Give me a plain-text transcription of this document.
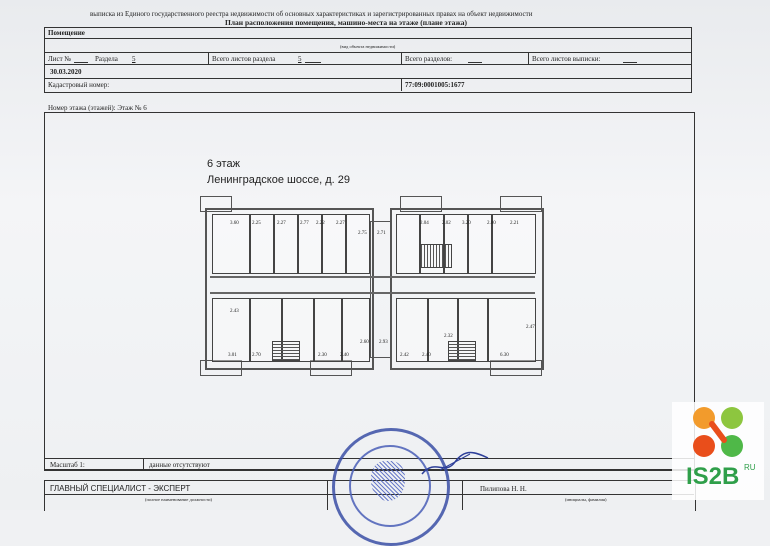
выписка из Единого государственного реестра недвижимости об основных характеристиках и зарегистрированных правах на объект недвижимости
План расположения помещения, машино-места на этаже (плане этажа)
Помещение
(вид объекта недвижимости)
Лист №	Раздела 5	Всего листов раздела	5	Всего разделов:	Всего листов выписки:
30.03.2020
Кадастровый номер:	77:09:0001005:1677
Номер этажа (этажей): Этаж № 6
6 этаж
Ленинградское шоссе, д. 29
3.60	2.25	2.27	2.77 2.22 2.27
2.75 2.71
2.04	2.02 3.20	2.80	2.21
2.43
3.01	2.70	2.30	2.40
2.60 2.93
2.42	2.40
2.32
2.47
6.30
Масштаб 1:	данные отсутствуют
ГЛАВНЫЙ СПЕЦИАЛИСТ - ЭКСПЕРТ
(полное наименование должности)
Пилипова Н. Н.
(инициалы, фамилия)
IS2B RU
